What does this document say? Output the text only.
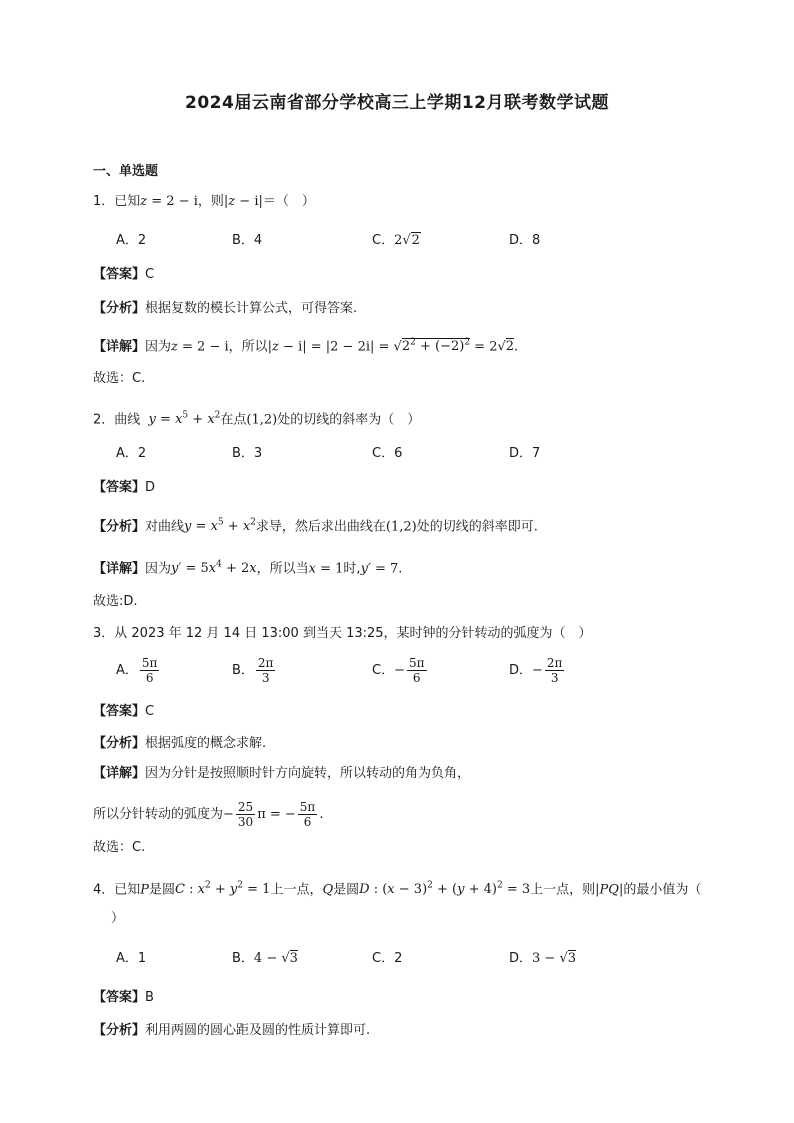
2024届云南省部分学校高三上学期12月联考数学试题
一、单选题
1．已知z = 2 − i，则|z − i|＝（　）
A．2	B．4	C．2√2	D．8
【答案】C
【分析】根据复数的模长计算公式，可得答案.
【详解】因为z = 2 − i，所以$|z - i| = |2 - 2i| = √2^2 + (-2)^2 = 2√2$.
故选：C.
2．曲线 $y = x^5 + x^2$在点(1,2)处的切线的斜率为（　）
A．2	B．3	C．6	D．7
【答案】D
【分析】对曲线$y = x^5 + x^2$求导，然后求出曲线在(1,2)处的切线的斜率即可.
【详解】因为$y' = 5x^4 + 2x$，所以当x = 1时,y′ = 7.
故选:D.
3．从 2023 年 12 月 14 日 13:00 到当天 13:25，某时钟的分针转动的弧度为（　）
A． $\frac{5\pi}{6}$	B． $\frac{2\pi}{3}$	C．− $\frac{5\pi}{6}$	D．− $\frac{2\pi}{3}$
【答案】C
【分析】根据弧度的概念求解.
【详解】因为分针是按照顺时针方向旋转，所以转动的角为负角，
所以分针转动的弧度为− $\frac{25}{30}$ π = − $\frac{5\pi}{6}$ .
故选：C.
4．已知P是圆C : $x^2 + y^2 = 1$上一点，Q是圆D : $(x - 3)^2 + (y + 4)^2 = 3$上一点，则|PQ|的最小值为（
）
A．1	B．4 − √3	C．2	D．3 − √3
【答案】B
【分析】利用两圆的圆心距及圆的性质计算即可.
